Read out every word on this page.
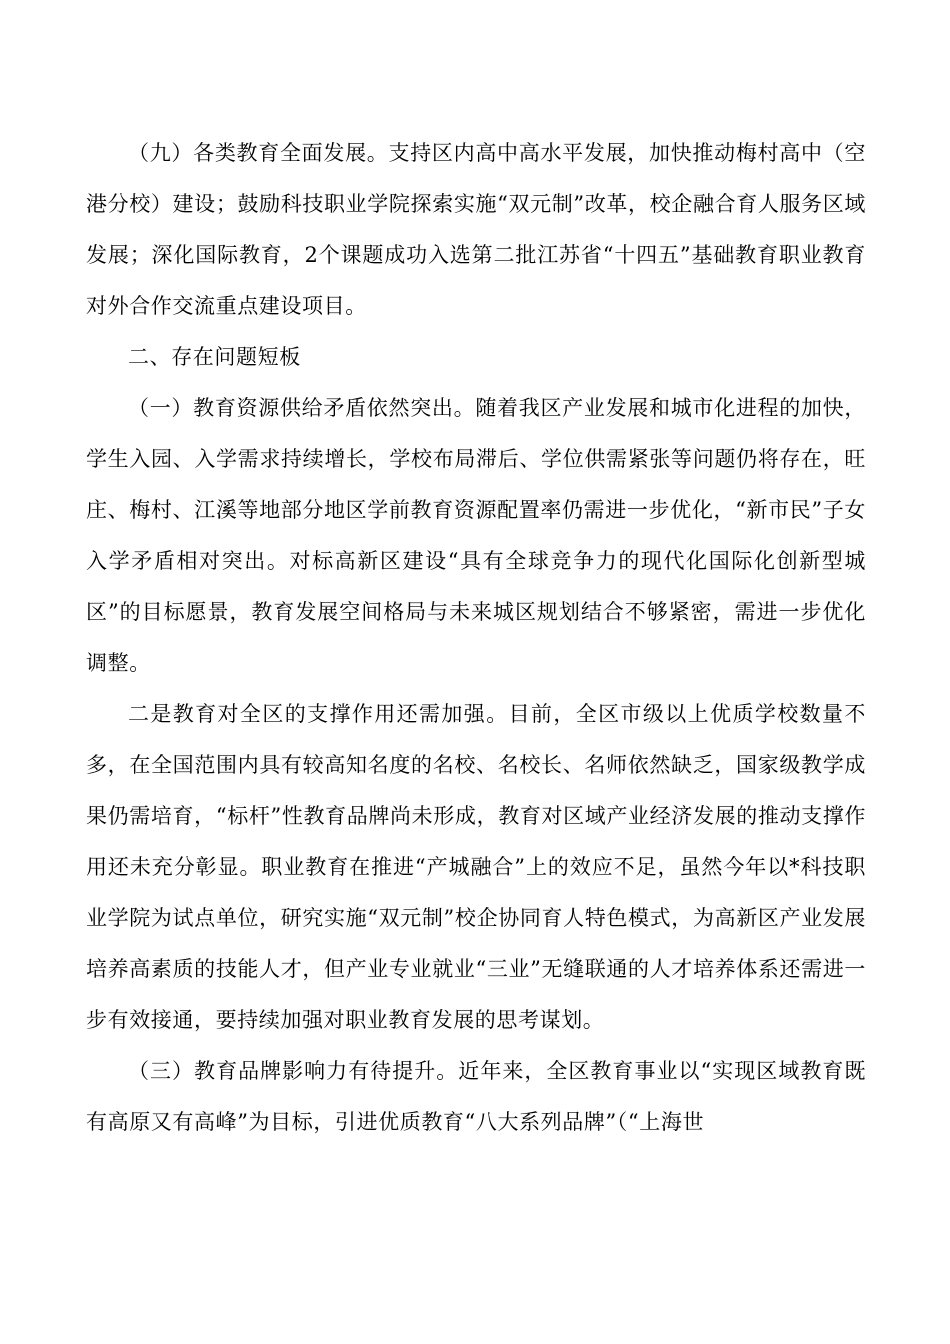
（九）各类教育全面发展。支持区内高中高水平发展，加快推动梅村高中（空港分校）建设；鼓励科技职业学院探索实施“双元制”改革，校企融合育人服务区域发展；深化国际教育，2个课题成功入选第二批江苏省“十四五”基础教育职业教育对外合作交流重点建设项目。

二、存在问题短板

（一）教育资源供给矛盾依然突出。随着我区产业发展和城市化进程的加快，学生入园、入学需求持续增长，学校布局滞后、学位供需紧张等问题仍将存在，旺庄、梅村、江溪等地部分地区学前教育资源配置率仍需进一步优化，“新市民”子女入学矛盾相对突出。对标高新区建设“具有全球竞争力的现代化国际化创新型城区”的目标愿景，教育发展空间格局与未来城区规划结合不够紧密，需进一步优化调整。

二是教育对全区的支撑作用还需加强。目前，全区市级以上优质学校数量不多，在全国范围内具有较高知名度的名校、名校长、名师依然缺乏，国家级教学成果仍需培育，“标杆”性教育品牌尚未形成，教育对区域产业经济发展的推动支撑作用还未充分彰显。职业教育在推进“产城融合”上的效应不足，虽然今年以*科技职业学院为试点单位，研究实施“双元制”校企协同育人特色模式，为高新区产业发展培养高素质的技能人才，但产业专业就业“三业”无缝联通的人才培养体系还需进一步有效接通，要持续加强对职业教育发展的思考谋划。

（三）教育品牌影响力有待提升。近年来，全区教育事业以“实现区域教育既有高原又有高峰”为目标，引进优质教育“八大系列品牌”（“上海世
